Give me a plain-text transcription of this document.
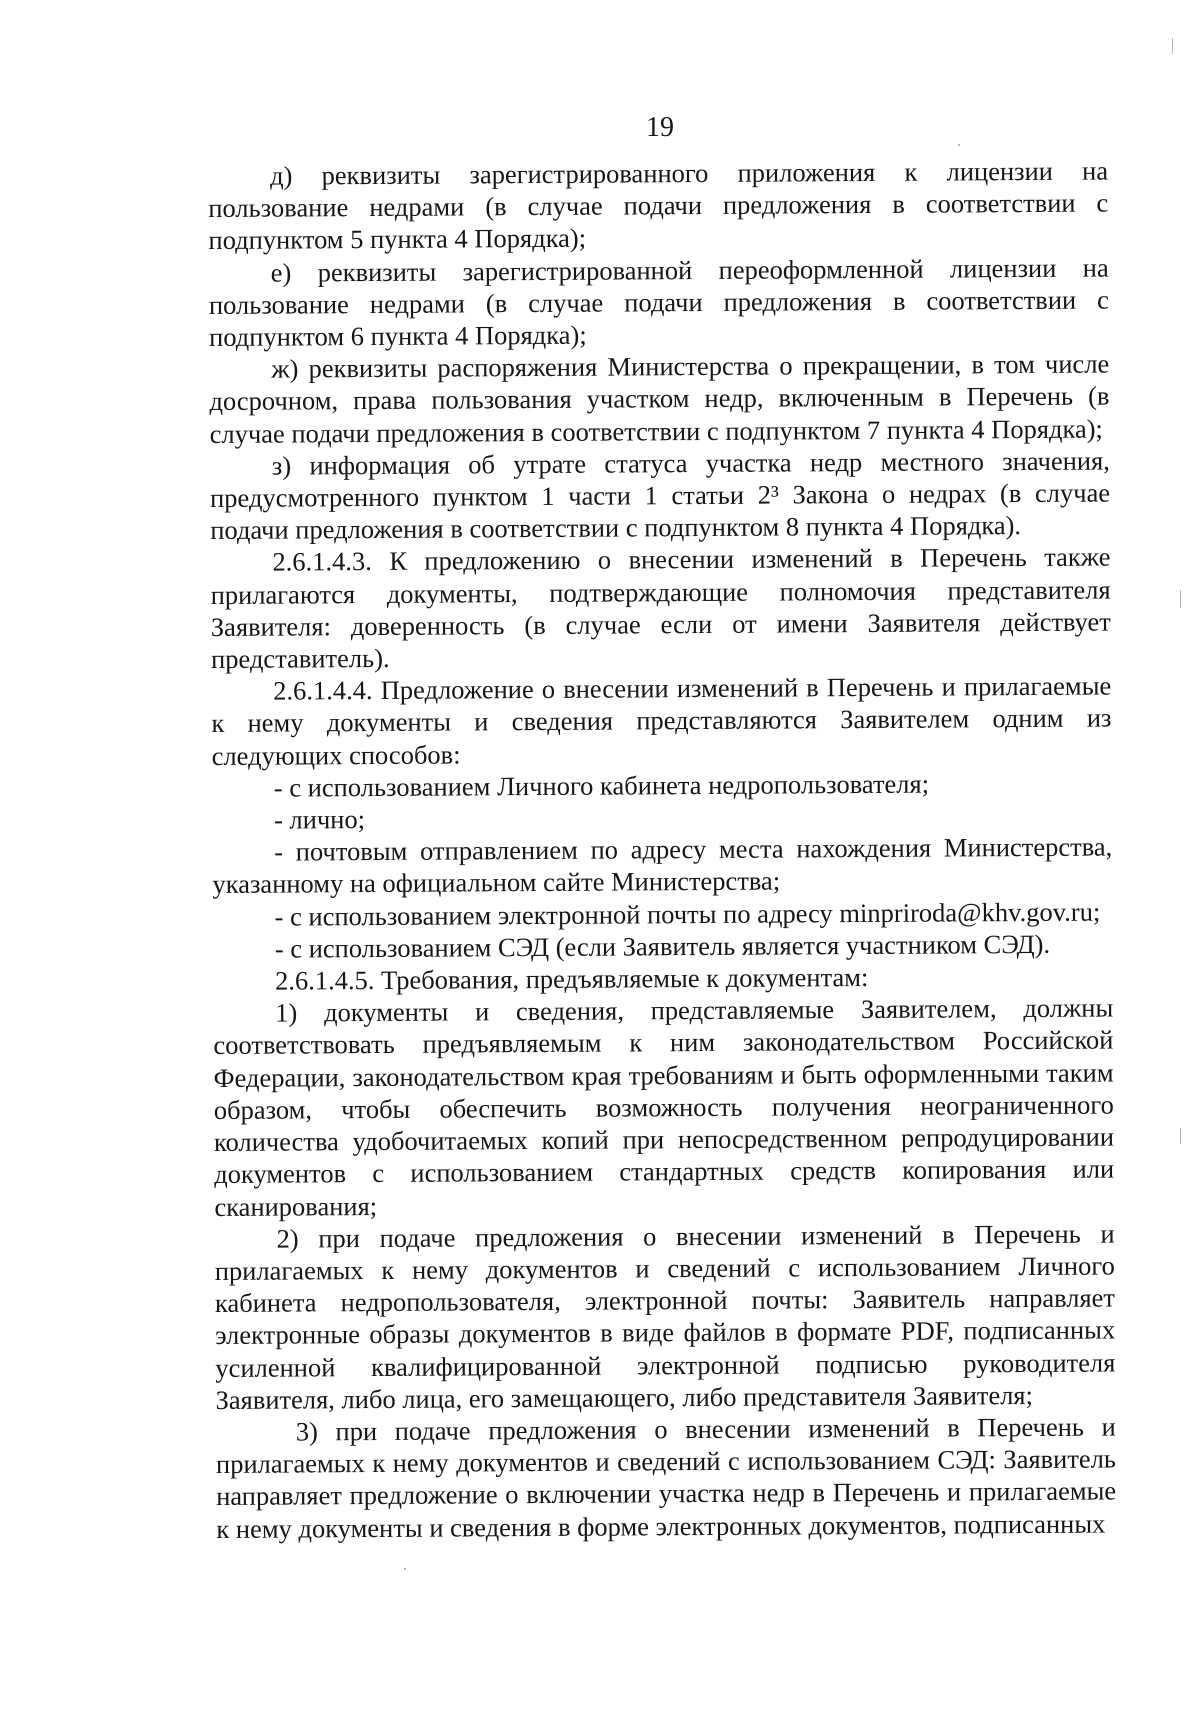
19

д) реквизиты зарегистрированного приложения к лицензии на пользование недрами (в случае подачи предложения в соответствии с подпунктом 5 пункта 4 Порядка);

е) реквизиты зарегистрированной переоформленной лицензии на пользование недрами (в случае подачи предложения в соответствии с подпунктом 6 пункта 4 Порядка);

ж) реквизиты распоряжения Министерства о прекращении, в том числе досрочном, права пользования участком недр, включенным в Перечень (в случае подачи предложения в соответствии с подпунктом 7 пункта 4 Порядка);

з) информация об утрате статуса участка недр местного значения, предусмотренного пунктом 1 части 1 статьи 2³ Закона о недрах (в случае подачи предложения в соответствии с подпунктом 8 пункта 4 Порядка).

2.6.1.4.3. К предложению о внесении изменений в Перечень также прилагаются документы, подтверждающие полномочия представителя Заявителя: доверенность (в случае если от имени Заявителя действует представитель).

2.6.1.4.4. Предложение о внесении изменений в Перечень и прилагаемые к нему документы и сведения представляются Заявителем одним из следующих способов:

- с использованием Личного кабинета недропользователя;

- лично;

- почтовым отправлением по адресу места нахождения Министерства, указанному на официальном сайте Министерства;

- с использованием электронной почты по адресу minpriroda@khv.gov.ru;

- с использованием СЭД (если Заявитель является участником СЭД).

2.6.1.4.5. Требования, предъявляемые к документам:

1) документы и сведения, представляемые Заявителем, должны соответствовать предъявляемым к ним законодательством Российской Федерации, законодательством края требованиям и быть оформленными таким образом, чтобы обеспечить возможность получения неограниченного количества удобочитаемых копий при непосредственном репродуцировании документов с использованием стандартных средств копирования или сканирования;

2) при подаче предложения о внесении изменений в Перечень и прилагаемых к нему документов и сведений с использованием Личного кабинета недропользователя, электронной почты: Заявитель направляет электронные образы документов в виде файлов в формате PDF, подписанных усиленной квалифицированной электронной подписью руководителя Заявителя, либо лица, его замещающего, либо представителя Заявителя;

3) при подаче предложения о внесении изменений в Перечень и прилагаемых к нему документов и сведений с использованием СЭД: Заявитель направляет предложение о включении участка недр в Перечень и прилагаемые к нему документы и сведения в форме электронных документов, подписанных
